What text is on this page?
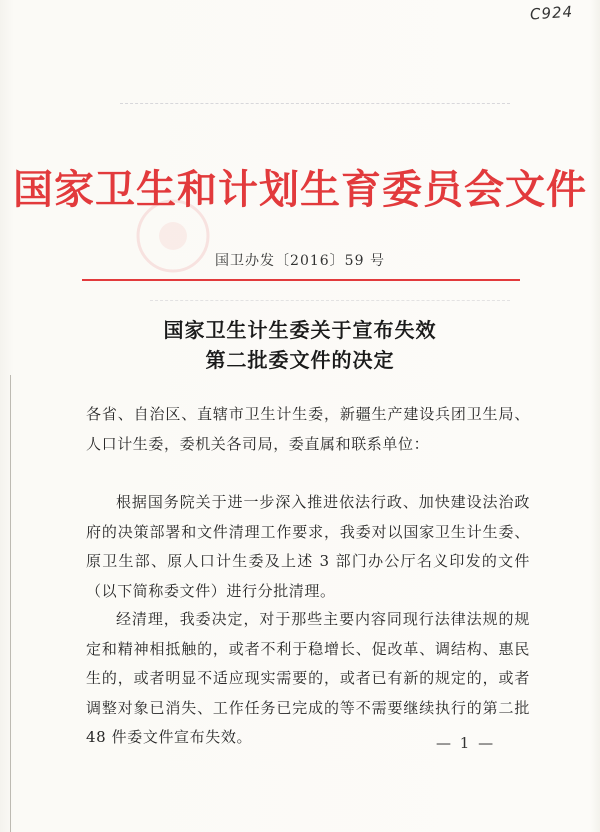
C924
国家卫生和计划生育委员会文件
国卫办发〔2016〕59 号
国家卫生计生委关于宣布失效
第二批委文件的决定
各省、自治区、直辖市卫生计生委，新疆生产建设兵团卫生局、人口计生委，委机关各司局，委直属和联系单位：
根据国务院关于进一步深入推进依法行政、加快建设法治政府的决策部署和文件清理工作要求，我委对以国家卫生计生委、原卫生部、原人口计生委及上述 3 部门办公厅名义印发的文件（以下简称委文件）进行分批清理。
经清理，我委决定，对于那些主要内容同现行法律法规的规定和精神相抵触的，或者不利于稳增长、促改革、调结构、惠民生的，或者明显不适应现实需要的，或者已有新的规定的，或者调整对象已消失、工作任务已完成的等不需要继续执行的第二批 48 件委文件宣布失效。	— 1 —
